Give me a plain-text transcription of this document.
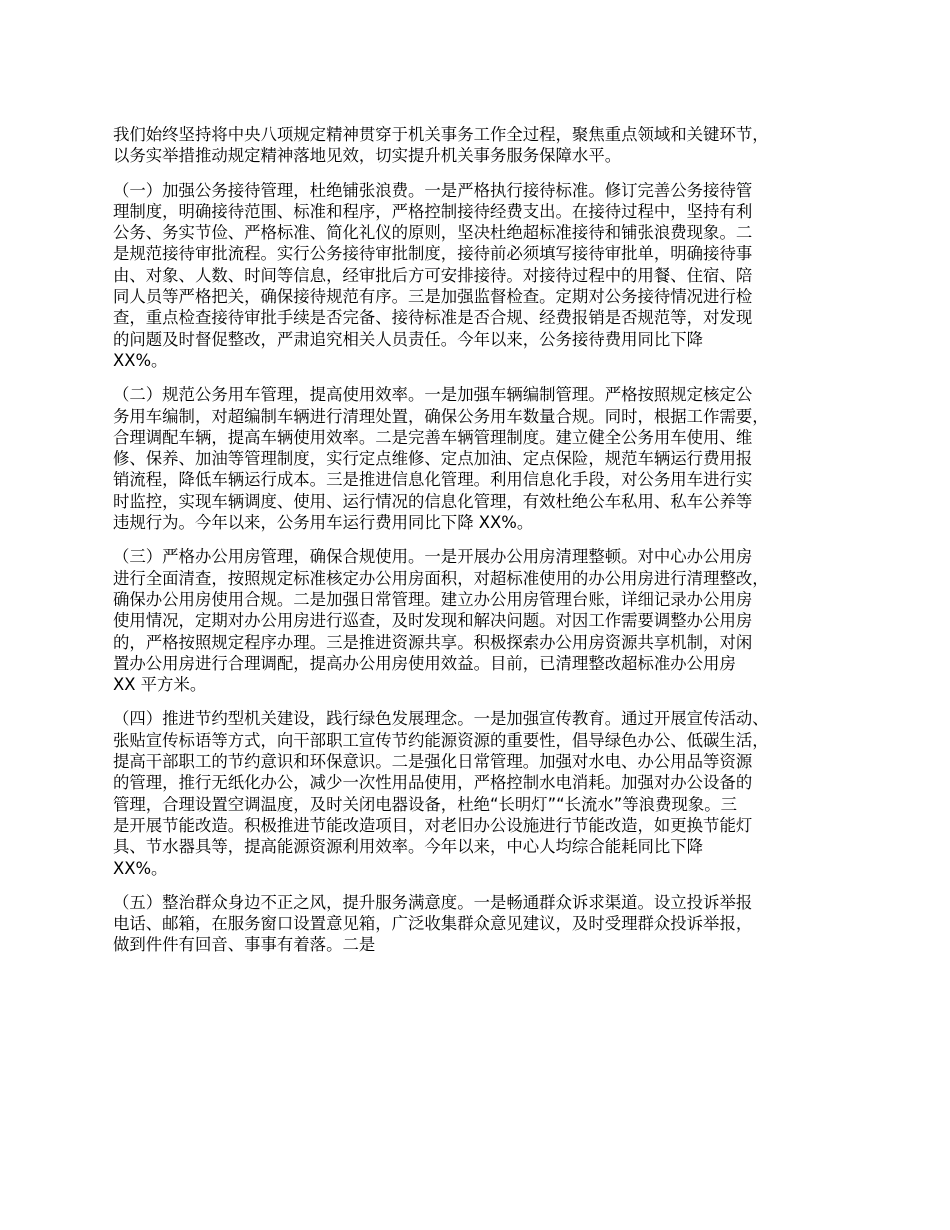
我们始终坚持将中央八项规定精神贯穿于机关事务工作全过程，聚焦重点领域和关键环节，
以务实举措推动规定精神落地见效，切实提升机关事务服务保障水平。

（一）加强公务接待管理，杜绝铺张浪费。一是严格执行接待标准。修订完善公务接待管
理制度，明确接待范围、标准和程序，严格控制接待经费支出。在接待过程中，坚持有利
公务、务实节俭、严格标准、简化礼仪的原则，坚决杜绝超标准接待和铺张浪费现象。二
是规范接待审批流程。实行公务接待审批制度，接待前必须填写接待审批单，明确接待事
由、对象、人数、时间等信息，经审批后方可安排接待。对接待过程中的用餐、住宿、陪
同人员等严格把关，确保接待规范有序。三是加强监督检查。定期对公务接待情况进行检
查，重点检查接待审批手续是否完备、接待标准是否合规、经费报销是否规范等，对发现
的问题及时督促整改，严肃追究相关人员责任。今年以来，公务接待费用同比下降
XX%。

（二）规范公务用车管理，提高使用效率。一是加强车辆编制管理。严格按照规定核定公
务用车编制，对超编制车辆进行清理处置，确保公务用车数量合规。同时，根据工作需要，
合理调配车辆，提高车辆使用效率。二是完善车辆管理制度。建立健全公务用车使用、维
修、保养、加油等管理制度，实行定点维修、定点加油、定点保险，规范车辆运行费用报
销流程，降低车辆运行成本。三是推进信息化管理。利用信息化手段，对公务用车进行实
时监控，实现车辆调度、使用、运行情况的信息化管理，有效杜绝公车私用、私车公养等
违规行为。今年以来，公务用车运行费用同比下降 XX%。

（三）严格办公用房管理，确保合规使用。一是开展办公用房清理整顿。对中心办公用房
进行全面清查，按照规定标准核定办公用房面积，对超标准使用的办公用房进行清理整改，
确保办公用房使用合规。二是加强日常管理。建立办公用房管理台账，详细记录办公用房
使用情况，定期对办公用房进行巡查，及时发现和解决问题。对因工作需要调整办公用房
的，严格按照规定程序办理。三是推进资源共享。积极探索办公用房资源共享机制，对闲
置办公用房进行合理调配，提高办公用房使用效益。目前，已清理整改超标准办公用房
XX 平方米。

（四）推进节约型机关建设，践行绿色发展理念。一是加强宣传教育。通过开展宣传活动、
张贴宣传标语等方式，向干部职工宣传节约能源资源的重要性，倡导绿色办公、低碳生活，
提高干部职工的节约意识和环保意识。二是强化日常管理。加强对水电、办公用品等资源
的管理，推行无纸化办公，减少一次性用品使用，严格控制水电消耗。加强对办公设备的
管理，合理设置空调温度，及时关闭电器设备，杜绝“长明灯”“长流水”等浪费现象。三
是开展节能改造。积极推进节能改造项目，对老旧办公设施进行节能改造，如更换节能灯
具、节水器具等，提高能源资源利用效率。今年以来，中心人均综合能耗同比下降
XX%。

（五）整治群众身边不正之风，提升服务满意度。一是畅通群众诉求渠道。设立投诉举报
电话、邮箱，在服务窗口设置意见箱，广泛收集群众意见建议，及时受理群众投诉举报，
做到件件有回音、事事有着落。二是
